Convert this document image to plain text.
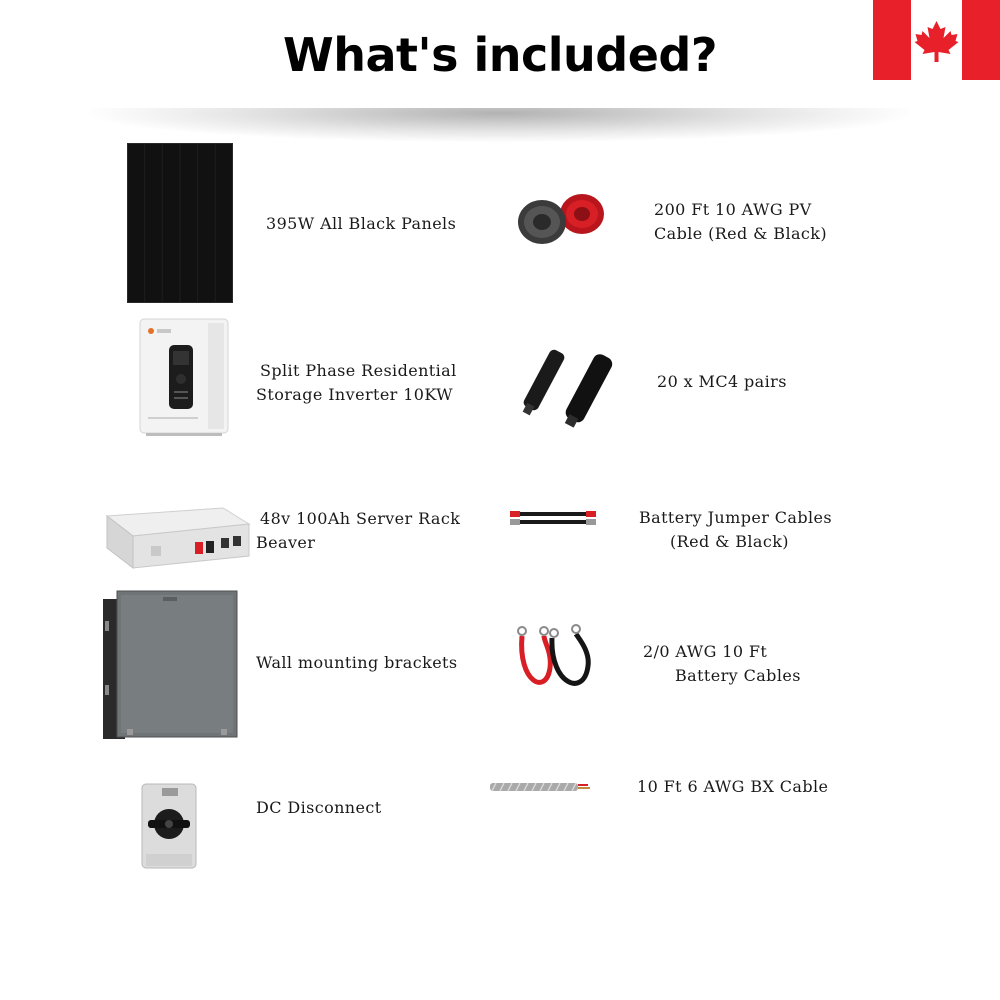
What's included?
395W All Black Panels
Split Phase Residential
Storage Inverter 10KW
48v 100Ah Server Rack
Beaver
Wall mounting brackets
DC Disconnect
200 Ft 10 AWG PV
Cable (Red & Black)
20 x MC4 pairs
Battery Jumper Cables
(Red & Black)
2/0 AWG 10 Ft
Battery Cables
10 Ft 6 AWG BX Cable
